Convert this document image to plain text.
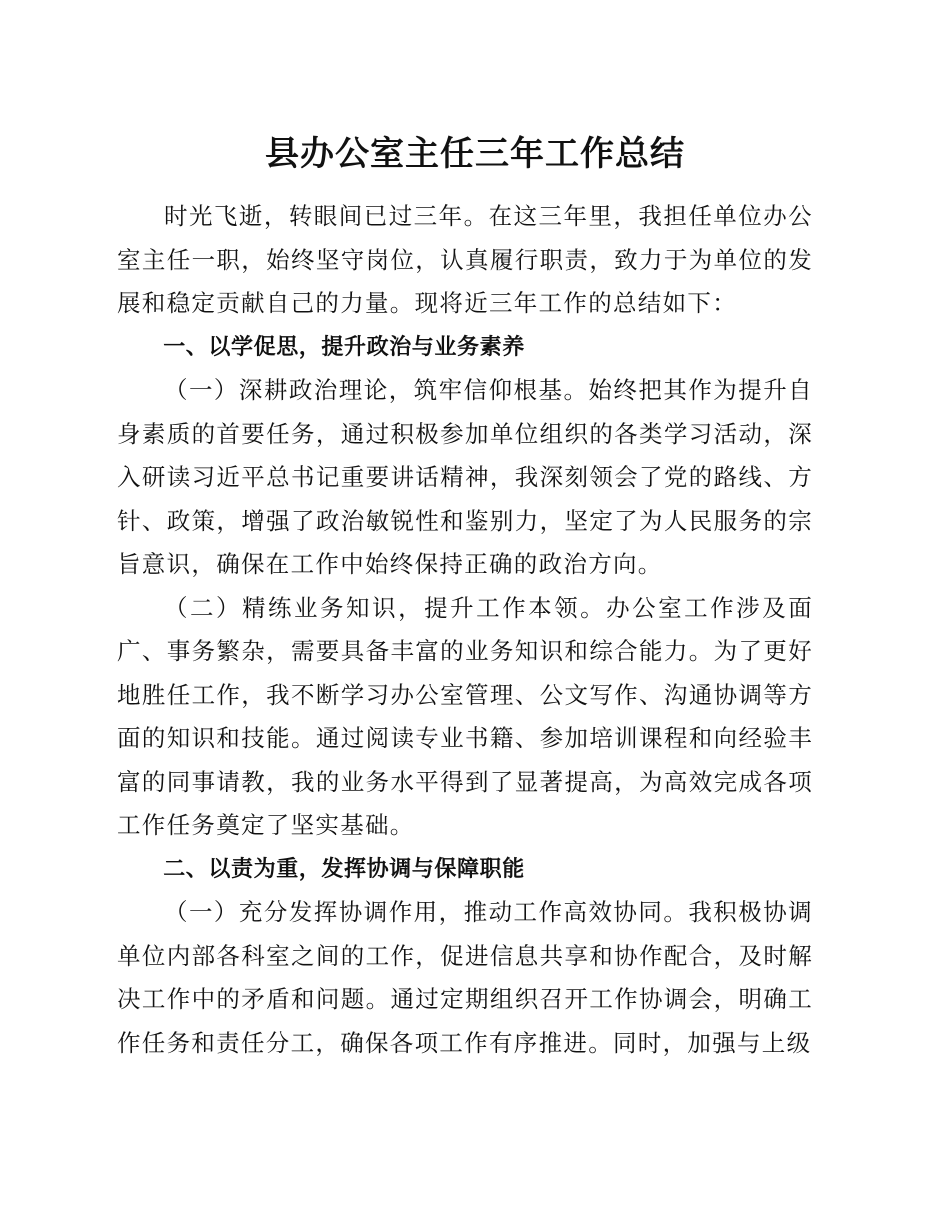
县办公室主任三年工作总结

时光飞逝，转眼间已过三年。在这三年里，我担任单位办公室主任一职，始终坚守岗位，认真履行职责，致力于为单位的发展和稳定贡献自己的力量。现将近三年工作的总结如下：

一、以学促思，提升政治与业务素养

（一）深耕政治理论，筑牢信仰根基。始终把其作为提升自身素质的首要任务，通过积极参加单位组织的各类学习活动，深入研读习近平总书记重要讲话精神，我深刻领会了党的路线、方针、政策，增强了政治敏锐性和鉴别力，坚定了为人民服务的宗旨意识，确保在工作中始终保持正确的政治方向。

（二）精练业务知识，提升工作本领。办公室工作涉及面广、事务繁杂，需要具备丰富的业务知识和综合能力。为了更好地胜任工作，我不断学习办公室管理、公文写作、沟通协调等方面的知识和技能。通过阅读专业书籍、参加培训课程和向经验丰富的同事请教，我的业务水平得到了显著提高，为高效完成各项工作任务奠定了坚实基础。

二、以责为重，发挥协调与保障职能

（一）充分发挥协调作用，推动工作高效协同。我积极协调单位内部各科室之间的工作，促进信息共享和协作配合，及时解决工作中的矛盾和问题。通过定期组织召开工作协调会，明确工作任务和责任分工，确保各项工作有序推进。同时，加强与上级
